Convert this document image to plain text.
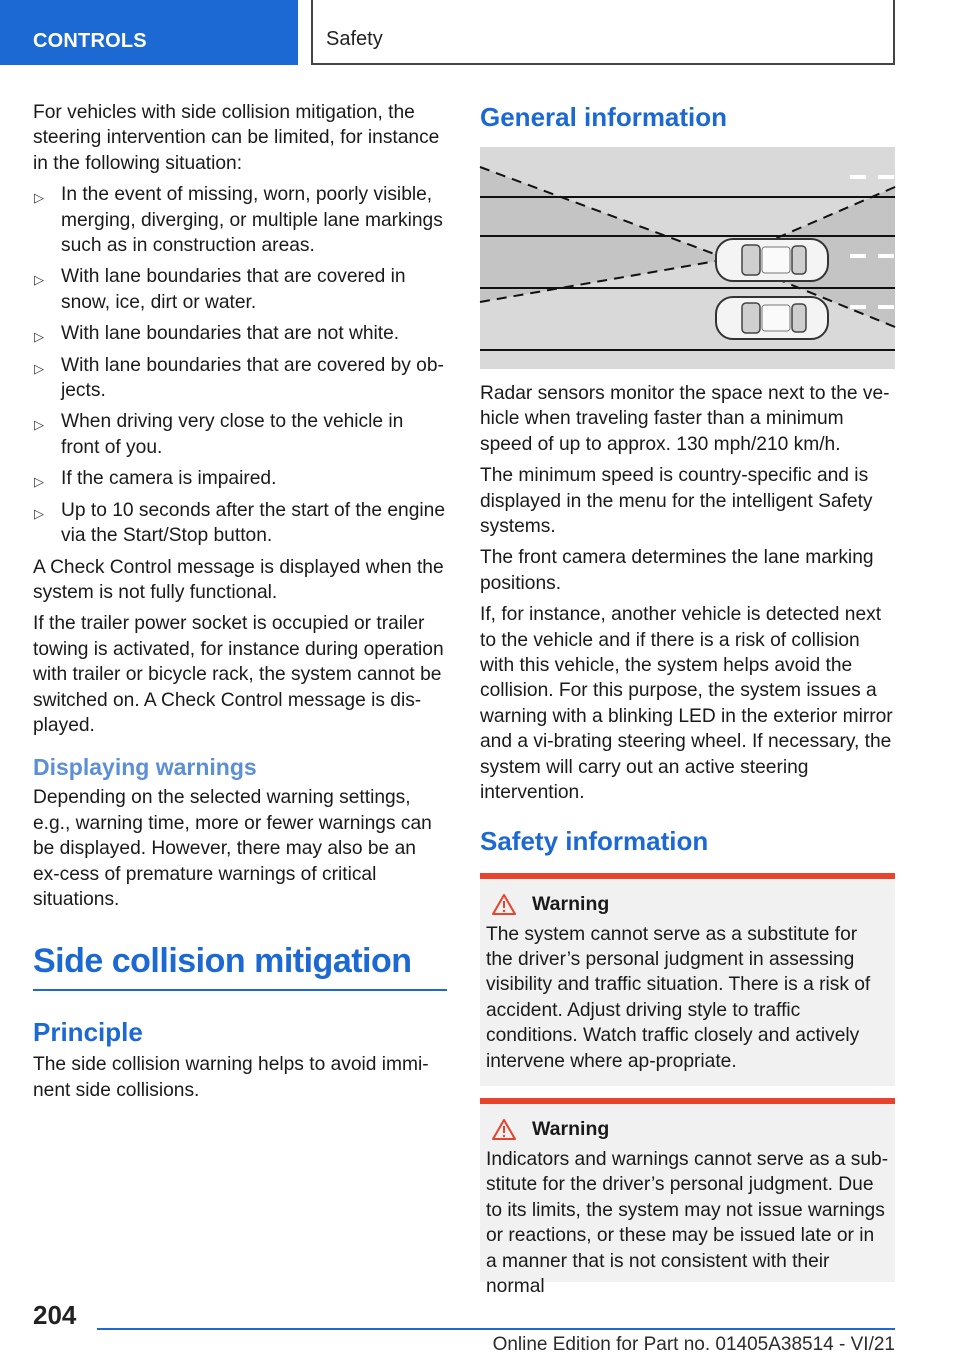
CONTROLS	Safety

For vehicles with side collision mitigation, the steering intervention can be limited, for instance in the following situation:

▷ In the event of missing, worn, poorly visible, merging, diverging, or multiple lane markings such as in construction areas.
▷ With lane boundaries that are covered in snow, ice, dirt or water.
▷ With lane boundaries that are not white.
▷ With lane boundaries that are covered by ob-jects.
▷ When driving very close to the vehicle in front of you.
▷ If the camera is impaired.
▷ Up to 10 seconds after the start of the engine via the Start/Stop button.

A Check Control message is displayed when the system is not fully functional.

If the trailer power socket is occupied or trailer towing is activated, for instance during operation with trailer or bicycle rack, the system cannot be switched on. A Check Control message is dis-played.

Displaying warnings

Depending on the selected warning settings, e.g., warning time, more or fewer warnings can be displayed. However, there may also be an ex-cess of premature warnings of critical situations.

Side collision mitigation
Principle

The side collision warning helps to avoid immi-nent side collisions.

General information

Radar sensors monitor the space next to the ve-hicle when traveling faster than a minimum speed of up to approx. 130 mph/210 km/h.

The minimum speed is country-specific and is displayed in the menu for the intelligent Safety systems.

The front camera determines the lane marking positions.

If, for instance, another vehicle is detected next to the vehicle and if there is a risk of collision with this vehicle, the system helps avoid the collision. For this purpose, the system issues a warning with a blinking LED in the exterior mirror and a vi-brating steering wheel. If necessary, the system will carry out an active steering intervention.

Safety information
Warning

The system cannot serve as a substitute for the driver’s personal judgment in assessing visibility and traffic situation. There is a risk of accident. Adjust driving style to traffic conditions. Watch traffic closely and actively intervene where ap-propriate.

Warning

Indicators and warnings cannot serve as a sub-stitute for the driver’s personal judgment. Due to its limits, the system may not issue warnings or reactions, or these may be issued late or in a manner that is not consistent with their normal

204
Online Edition for Part no. 01405A38514 - VI/21
